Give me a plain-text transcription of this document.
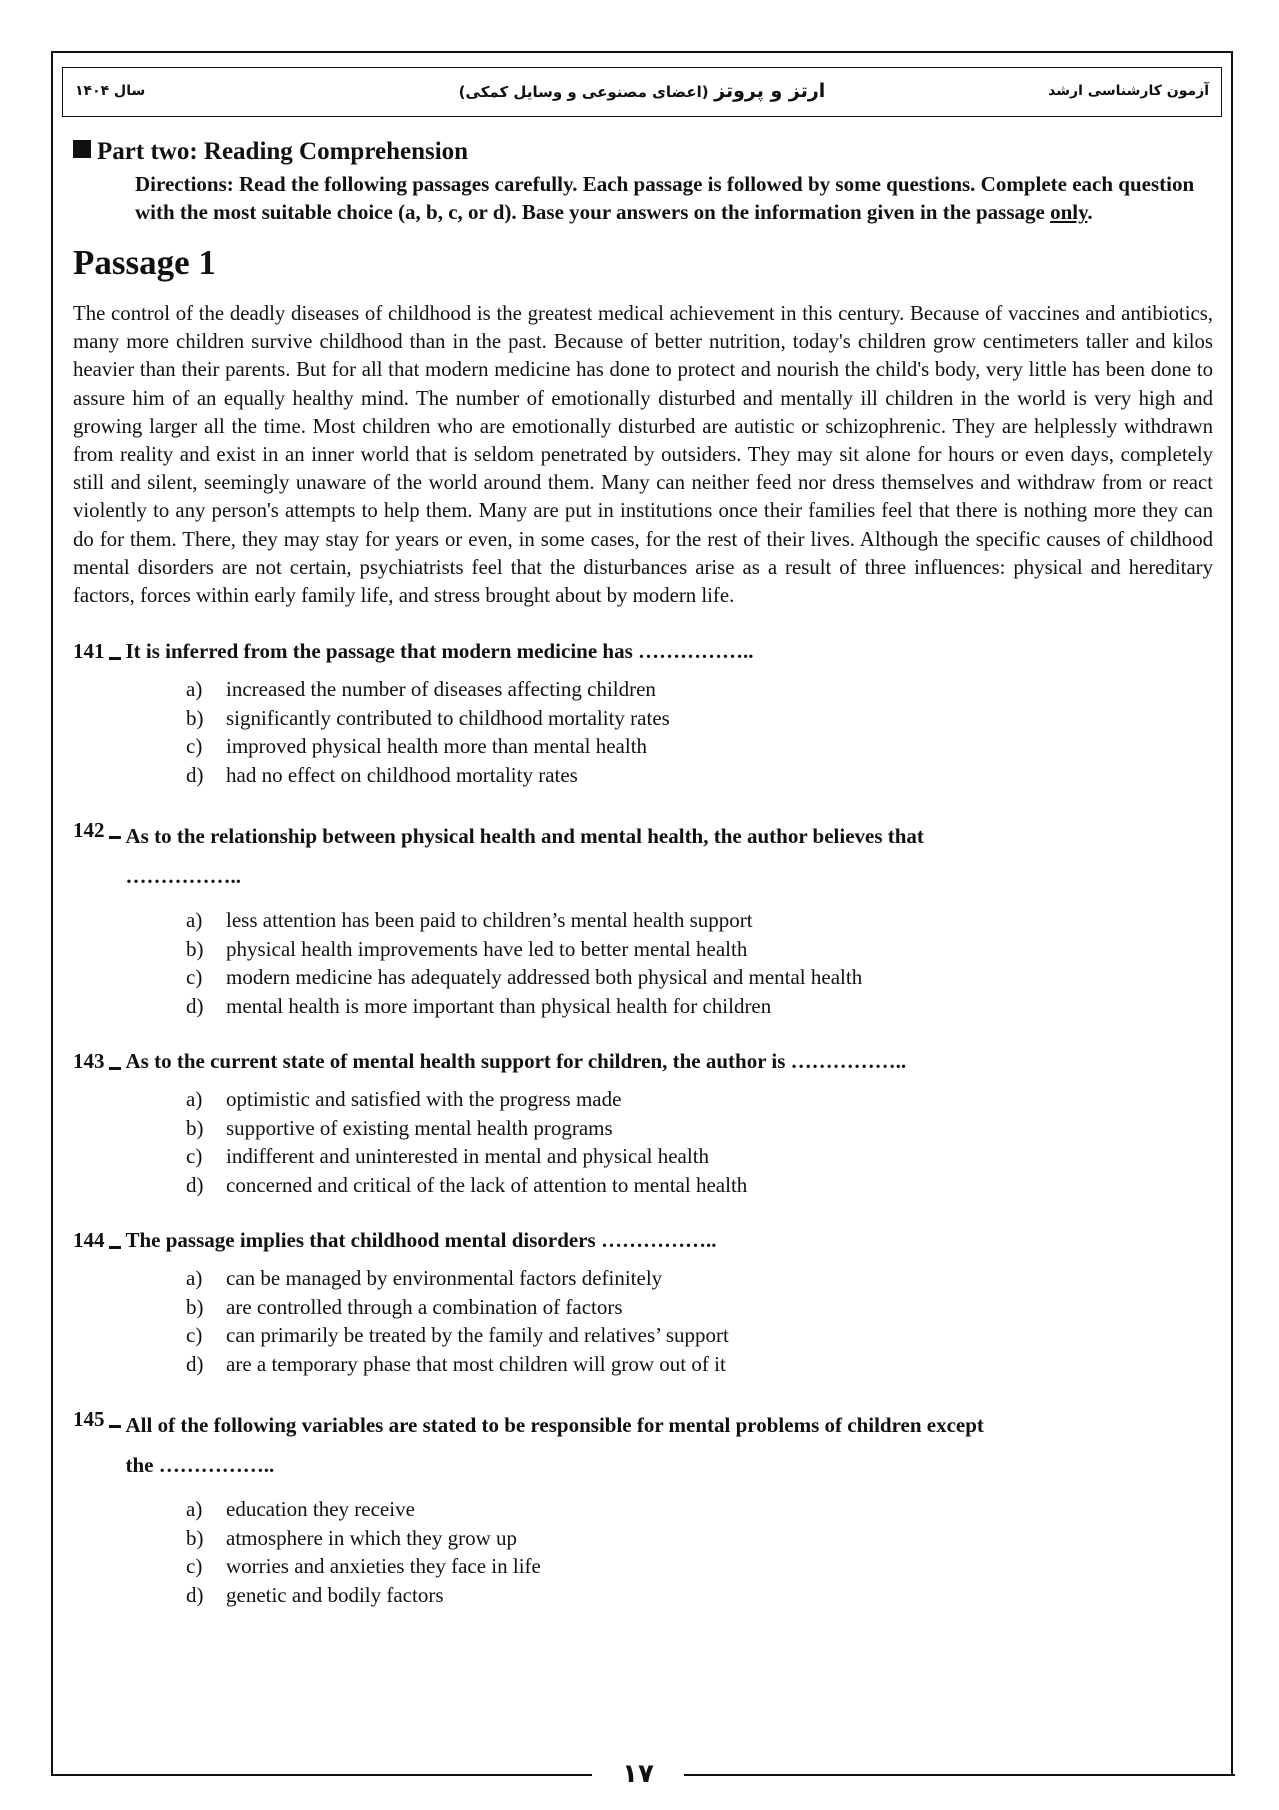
سال ۱۴۰۴	ارتز و پروتز (اعضای مصنوعی و وسایل کمکی)	آزمون کارشناسی ارشد
Part two: Reading Comprehension
Directions: Read the following passages carefully. Each passage is followed by some questions. Complete each question with the most suitable choice (a, b, c, or d). Base your answers on the information given in the passage only.
Passage 1
The control of the deadly diseases of childhood is the greatest medical achievement in this century. Because of vaccines and antibiotics, many more children survive childhood than in the past. Because of better nutrition, today's children grow centimeters taller and kilos heavier than their parents. But for all that modern medicine has done to protect and nourish the child's body, very little has been done to assure him of an equally healthy mind. The number of emotionally disturbed and mentally ill children in the world is very high and growing larger all the time. Most children who are emotionally disturbed are autistic or schizophrenic. They are helplessly withdrawn from reality and exist in an inner world that is seldom penetrated by outsiders. They may sit alone for hours or even days, completely still and silent, seemingly unaware of the world around them. Many can neither feed nor dress themselves and withdraw from or react violently to any person's attempts to help them. Many are put in institutions once their families feel that there is nothing more they can do for them. There, they may stay for years or even, in some cases, for the rest of their lives. Although the specific causes of childhood mental disorders are not certain, psychiatrists feel that the disturbances arise as a result of three influences: physical and hereditary factors, forces within early family life, and stress brought about by modern life.
141	It is inferred from the passage that modern medicine has ……………..
a)	increased the number of diseases affecting children
b)	significantly contributed to childhood mortality rates
c)	improved physical health more than mental health
d)	had no effect on childhood mortality rates
142	As to the relationship between physical health and mental health, the author believes that
……………..
a)	less attention has been paid to children’s mental health support
b)	physical health improvements have led to better mental health
c)	modern medicine has adequately addressed both physical and mental health
d)	mental health is more important than physical health for children
143	As to the current state of mental health support for children, the author is ……………..
a)	optimistic and satisfied with the progress made
b)	supportive of existing mental health programs
c)	indifferent and uninterested in mental and physical health
d)	concerned and critical of the lack of attention to mental health
144	The passage implies that childhood mental disorders ……………..
a)	can be managed by environmental factors definitely
b)	are controlled through a combination of factors
c)	can primarily be treated by the family and relatives’ support
d)	are a temporary phase that most children will grow out of it
145	All of the following variables are stated to be responsible for mental problems of children except
the ……………..
a)	education they receive
b)	atmosphere in which they grow up
c)	worries and anxieties they face in life
d)	genetic and bodily factors
۱۷
